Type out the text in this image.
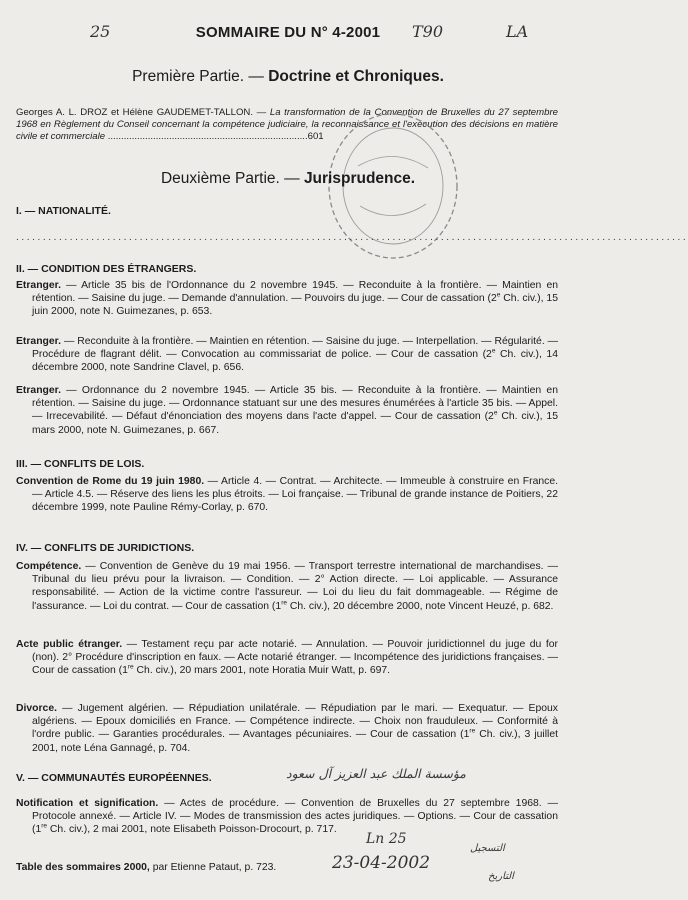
25	T90	LA
SOMMAIRE DU N° 4-2001
Première Partie. — Doctrine et Chroniques.
Georges A. L. DROZ et Hélène GAUDEMET-TALLON. — La transformation de la Convention de Bruxelles du 27 septembre 1968 en Règlement du Conseil concernant la compétence judiciaire, la reconnaissance et l'exécution des décisions en matière civile et commerciale ...........................................................................601
Deuxième Partie. — Jurisprudence.
I. — NATIONALITÉ.
.............................................................................................................................
II. — CONDITION DES ÉTRANGERS.

Etranger. — Article 35 bis de l'Ordonnance du 2 novembre 1945. — Reconduite à la frontière. — Maintien en rétention. — Saisine du juge. — Demande d'annulation. — Pouvoirs du juge. — Cour de cassation (2e Ch. civ.), 15 juin 2000, note N. Guimezanes, p. 653.

Etranger. — Reconduite à la frontière. — Maintien en rétention. — Saisine du juge. — Interpellation. — Régularité. — Procédure de flagrant délit. — Convocation au commissariat de police. — Cour de cassation (2e Ch. civ.), 14 décembre 2000, note Sandrine Clavel, p. 656.

Etranger. — Ordonnance du 2 novembre 1945. — Article 35 bis. — Reconduite à la frontière. — Maintien en rétention. — Saisine du juge. — Ordonnance statuant sur une des mesures énumérées à l'article 35 bis. — Appel. — Irrecevabilité. — Défaut d'énonciation des moyens dans l'acte d'appel. — Cour de cassation (2e Ch. civ.), 15 mars 2000, note N. Guimezanes, p. 667.

III. — CONFLITS DE LOIS.

Convention de Rome du 19 juin 1980. — Article 4. — Contrat. — Architecte. — Immeuble à construire en France. — Article 4.5. — Réserve des liens les plus étroits. — Loi française. — Tribunal de grande instance de Poitiers, 22 décembre 1999, note Pauline Rémy-Corlay, p. 670.

IV. — CONFLITS DE JURIDICTIONS.

Compétence. — Convention de Genève du 19 mai 1956. — Transport terrestre international de marchandises. — Tribunal du lieu prévu pour la livraison. — Condition. — 2° Action directe. — Loi applicable. — Assurance responsabilité. — Action de la victime contre l'assureur. — Loi du lieu du fait dommageable. — Régime de l'assurance. — Loi du contrat. — Cour de cassation (1re Ch. civ.), 20 décembre 2000, note Vincent Heuzé, p. 682.

Acte public étranger. — Testament reçu par acte notarié. — Annulation. — Pouvoir juridictionnel du juge du for (non). 2° Procédure d'inscription en faux. — Acte notarié étranger. — Incompétence des juridictions françaises. — Cour de cassation (1re Ch. civ.), 20 mars 2001, note Horatia Muir Watt, p. 697.

Divorce. — Jugement algérien. — Répudiation unilatérale. — Répudiation par le mari. — Exequatur. — Epoux algériens. — Epoux domiciliés en France. — Compétence indirecte. — Choix non frauduleux. — Conformité à l'ordre public. — Garanties procédurales. — Avantages pécuniaires. — Cour de cassation (1re Ch. civ.), 3 juillet 2001, note Léna Gannagé, p. 704.

V. — COMMUNAUTÉS EUROPÉENNES.	مؤسسة الملك عبد العزيز آل سعود

Notification et signification. — Actes de procédure. — Convention de Bruxelles du 27 septembre 1968. — Protocole annexé. — Article IV. — Modes de transmission des actes juridiques. — Options. — Cour de cassation (1re Ch. civ.), 2 mai 2001, note Elisabeth Poisson-Drocourt, p. 717.

Table des sommaires 2000, par Etienne Pataut, p. 723.

التسجيل
التاريخ
Ln 25
23-04-2002
